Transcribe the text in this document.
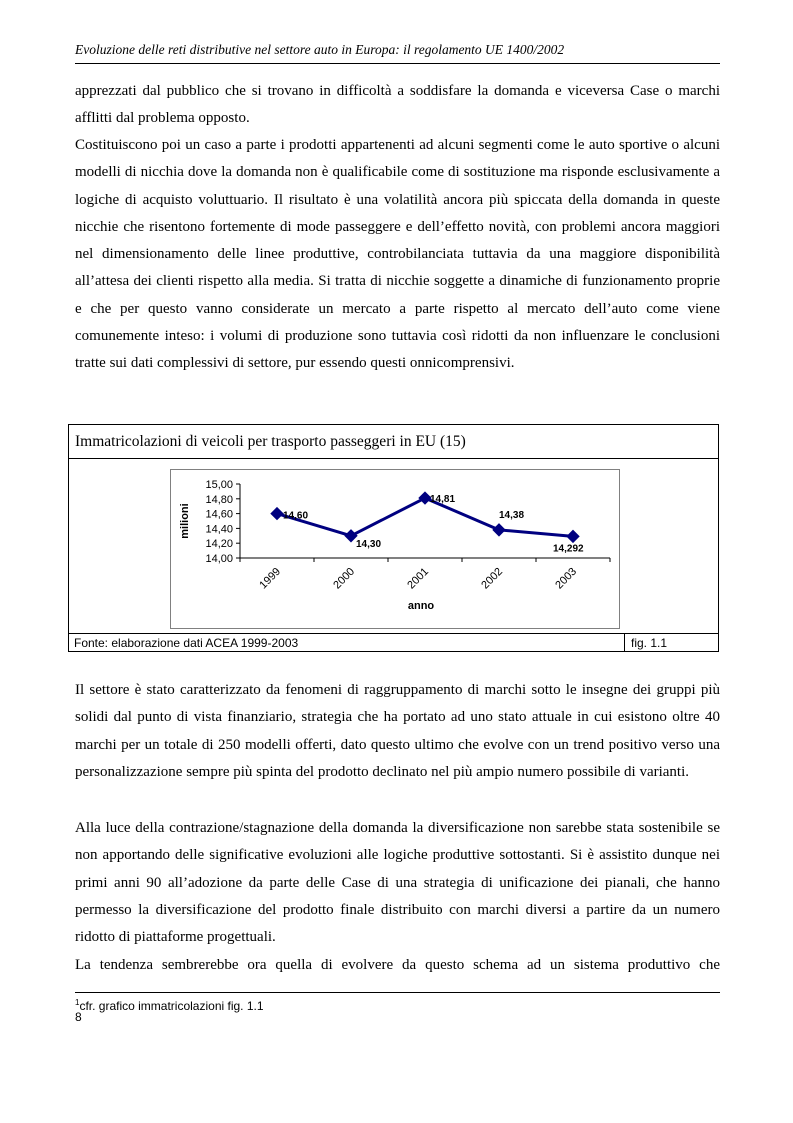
Evoluzione delle reti distributive nel settore auto in Europa: il regolamento UE 1400/2002

apprezzati dal pubblico che si trovano in difficoltà a soddisfare la domanda e viceversa Case o marchi afflitti dal problema opposto.

Costituiscono poi un caso a parte i prodotti appartenenti ad alcuni segmenti come le auto sportive o alcuni modelli di nicchia dove la domanda non è qualificabile come di sostituzione ma risponde esclusivamente a logiche di acquisto voluttuario. Il risultato è una volatilità ancora più spiccata della domanda in queste nicchie che risentono fortemente di mode passeggere e dell’effetto novità, con problemi ancora maggiori nel dimensionamento delle linee produttive, controbilanciata tuttavia da una maggiore disponibilità all’attesa dei clienti rispetto alla media. Si tratta di nicchie soggette a dinamiche di funzionamento proprie e che per questo vanno considerate un mercato a parte rispetto al mercato dell’auto come viene comunemente inteso: i volumi di produzione sono tuttavia così ridotti da non influenzare le conclusioni tratte sui dati complessivi di settore, pur essendo questi onnicomprensivi.

Immatricolazioni di veicoli per trasporto passeggeri in EU (15)
14,00
14,20
14,40
14,60
14,80
15,00
1999	2000	2001	2002	2003
anno
milioni	14,60
14,30
14,81
14,38
14,292
Fonte: elaborazione dati ACEA 1999-2003	fig. 1.1

Il settore è stato caratterizzato da fenomeni di raggruppamento di marchi sotto le insegne dei gruppi più solidi dal punto di vista finanziario, strategia che ha portato ad uno stato attuale in cui esistono oltre 40 marchi per un totale di 250 modelli offerti, dato questo ultimo che evolve con un trend positivo verso una personalizzazione sempre più spinta del prodotto declinato nel più ampio numero possibile di varianti.

Alla luce della contrazione/stagnazione della domanda la diversificazione non sarebbe stata sostenibile se non apportando delle significative evoluzioni alle logiche produttive sottostanti. Si è assistito dunque nei primi anni 90 all’adozione da parte delle Case di una strategia di unificazione dei pianali, che hanno permesso la diversificazione del prodotto finale distribuito con marchi diversi a partire da un numero ridotto di piattaforme progettuali.

La tendenza sembrerebbe ora quella di evolvere da questo schema ad un sistema produttivo che

$^1$cfr. grafico immatricolazioni fig. 1.1
8
